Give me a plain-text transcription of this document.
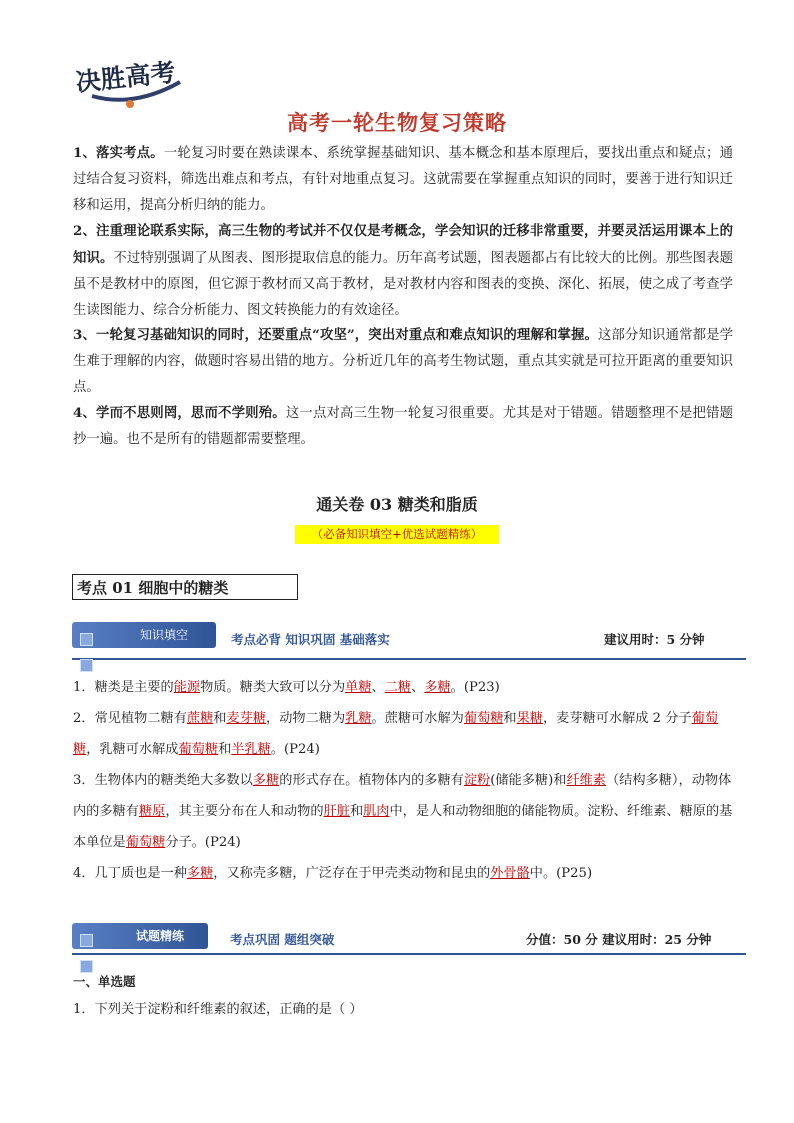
决胜高考
高考一轮生物复习策略
1、落实考点。一轮复习时要在熟读课本、系统掌握基础知识、基本概念和基本原理后，要找出重点和疑点；通过结合复习资料，筛选出难点和考点，有针对地重点复习。这就需要在掌握重点知识的同时，要善于进行知识迁移和运用，提高分析归纳的能力。
2、注重理论联系实际，高三生物的考试并不仅仅是考概念，学会知识的迁移非常重要，并要灵活运用课本上的知识。不过特别强调了从图表、图形提取信息的能力。历年高考试题，图表题都占有比较大的比例。那些图表题虽不是教材中的原图，但它源于教材而又高于教材，是对教材内容和图表的变换、深化、拓展，使之成了考查学生读图能力、综合分析能力、图文转换能力的有效途径。
3、一轮复习基础知识的同时，还要重点“攻坚”，突出对重点和难点知识的理解和掌握。这部分知识通常都是学生难于理解的内容，做题时容易出错的地方。分析近几年的高考生物试题，重点其实就是可拉开距离的重要知识点。
4、学而不思则罔，思而不学则殆。这一点对高三生物一轮复习很重要。尤其是对于错题。错题整理不是把错题抄一遍。也不是所有的错题都需要整理。
通关卷 03 糖类和脂质
（必备知识填空+优选试题精练）
考点 01 细胞中的糖类
知识填空	考点必背 知识巩固 基础落实	建议用时：5 分钟
1．糖类是主要的能源物质。糖类大致可以分为单糖、二糖、多糖。(P23)
2．常见植物二糖有蔗糖和麦芽糖，动物二糖为乳糖。蔗糖可水解为葡萄糖和果糖，麦芽糖可水解成 2 分子葡萄糖，乳糖可水解成葡萄糖和半乳糖。(P24)
3．生物体内的糖类绝大多数以多糖的形式存在。植物体内的多糖有淀粉(储能多糖)和纤维素（结构多糖），动物体内的多糖有糖原，其主要分布在人和动物的肝脏和肌肉中，是人和动物细胞的储能物质。淀粉、纤维素、糖原的基本单位是葡萄糖分子。(P24)
4．几丁质也是一种多糖，又称壳多糖，广泛存在于甲壳类动物和昆虫的外骨骼中。(P25)
试题精练	考点巩固 题组突破	分值：50 分 建议用时：25 分钟
一、单选题
1．下列关于淀粉和纤维素的叙述，正确的是（ ）
